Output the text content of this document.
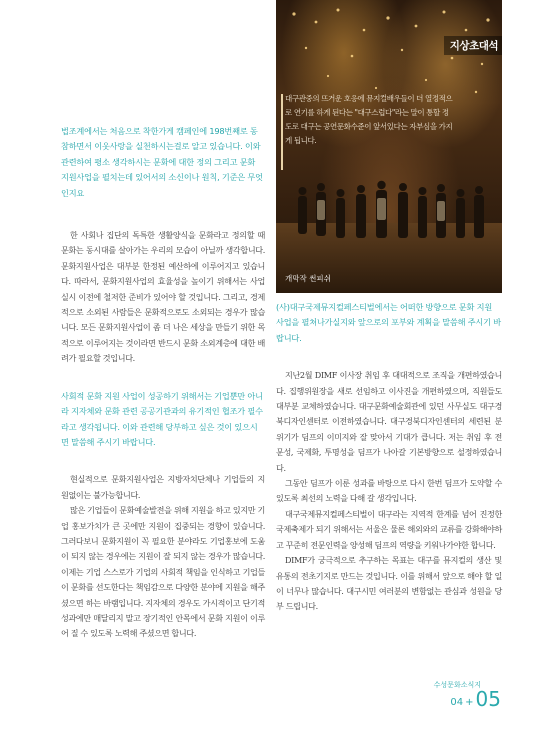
지상초대석
대구관중의 뜨거운 호응에 뮤지컬배우들이 더 열정적으로 연기를 하게 된다는 "대구스럽다"라는 말이 통할 정도로 대구는 공연문화수준이 앞서있다는 자부심을 가지게 됩니다.
개막작 썬피쉬
법조계에서는 처음으로 착한가게 캠페인에 198번째로 동참하면서 이웃사랑을 실천하시는걸로 알고 있습니다. 이와 관련하여 평소 생각하시는 문화에 대한 정의 그리고 문화 지원사업을 펼치는데 있어서의 소신이나 원칙, 기준은 무엇인지요

한 사회나 집단의 독특한 생활양식을 문화라고 정의할 때 문화는 동시대를 살아가는 우리의 모습이 아닐까 생각합니다. 문화지원사업은 대부분 한정된 예산하에 이루어지고 있습니다. 따라서, 문화지원사업의 효율성을 높이기 위해서는 사업실시 이전에 철저한 준비가 있어야 할 것입니다. 그리고, 경제적으로 소외된 사람들은 문화적으로도 소외되는 경우가 많습니다. 모든 문화지원사업이 좀 더 나은 세상을 만들기 위한 목적으로 이루어지는 것이라면 반드시 문화 소외계층에 대한 배려가 필요할 것입니다.

사회적 문화 지원 사업이 성공하기 위해서는 기업뿐만 아니라 지자체와 문화 관련 공공기관과의 유기적인 협조가 필수라고 생각됩니다. 이와 관련해 당부하고 싶은 것이 있으시면 말씀해 주시기 바랍니다.

현실적으로 문화지원사업은 지방자치단체나 기업들의 지원없이는 불가능합니다.

많은 기업들이 문화예술발전을 위해 지원을 하고 있지만 기업 홍보가치가 큰 곳에만 지원이 집중되는 경향이 있습니다. 그러다보니 문화지원이 꼭 필요한 분야라도 기업홍보에 도움이 되지 않는 경우에는 지원이 잘 되지 않는 경우가 많습니다. 이제는 기업 스스로가 기업의 사회적 책임을 인식하고 기업들이 문화를 선도한다는 책임감으로 다양한 분야에 지원을 해주셨으면 하는 바램입니다. 지자체의 경우도 가시적이고 단기적 성과에만 매달리지 말고 장기적인 안목에서 문화 지원이 이루어 질 수 있도록 노력해 주셨으면 합니다.

(사)대구국제뮤지컬페스티벌에서는 어떠한 방향으로 문화 지원 사업을 펼쳐나가실지와 앞으로의 포부와 계획을 말씀해 주시기 바랍니다.

지난2월 DIMF 이사장 취임 후 대대적으로 조직을 개편하였습니다. 집행위원장을 새로 선임하고 이사진을 개편하였으며, 직원들도 대부분 교체하였습니다. 대구문화예술회관에 있던 사무실도 대구경북디자인센터로 이전하였습니다. 대구경북디자인센터의 세련된 분위기가 딤프의 이미지와 잘 맞아서 기대가 큽니다. 저는 취임 후 전문성, 국제화, 투명성을 딤프가 나아갈 기본방향으로 설정하였습니다.

그동안 딤프가 이룬 성과를 바탕으로 다시 한번 딤프가 도약할 수 있도록 최선의 노력을 다해 갈 생각입니다.

대구국제뮤지컬페스티벌이 대구라는 지역적 한계를 넘어 진정한 국제축제가 되기 위해서는 서울은 물론 해외와의 교류를 강화해야하고 꾸준히 전문인력을 양성해 딤프의 역량을 키워나가야한 합니다.

DIMF가 궁극적으로 추구하는 목표는 대구를 뮤지컬의 생산 및 유통의 전초기지로 만드는 것입니다. 이를 위해서 앞으로 해야 할 일이 너무나 많습니다. 대구시민 여러분의 변함없는 관심과 성원을 당부 드립니다.

수성문화소식지
04 + 05
